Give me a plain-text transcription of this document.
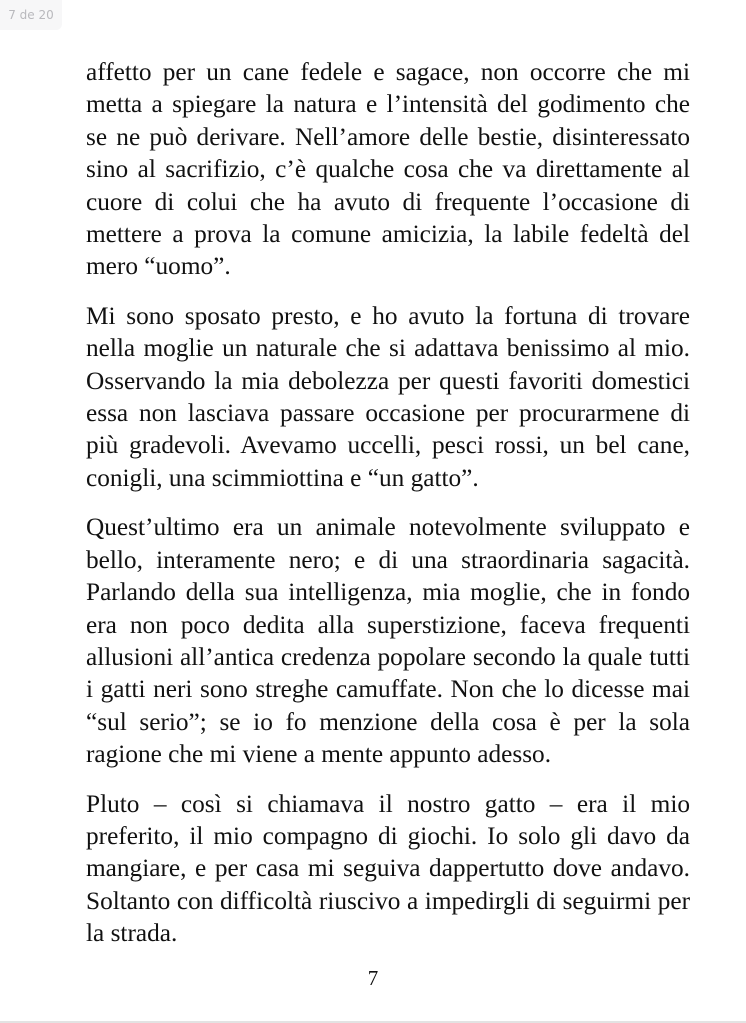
7 de 20

affetto per un cane fedele e sagace, non occorre che mi metta a spiegare la natura e l’intensità del godimento che se ne può derivare. Nell’amore delle bestie, disinteressato sino al sacrifizio, c’è qualche cosa che va direttamente al cuore di colui che ha avuto di frequente l’occasione di mettere a prova la comune amicizia, la labile fedeltà del mero “uomo”.

Mi sono sposato presto, e ho avuto la fortuna di trovare nella moglie un naturale che si adattava benissimo al mio. Osservando la mia debolezza per questi favoriti domestici essa non lasciava passare occasione per procurarmene di più gradevoli. Avevamo uccelli, pesci rossi, un bel cane, conigli, una scimmiottina e “un gatto”.

Quest’ultimo era un animale notevolmente sviluppato e bello, interamente nero; e di una straordinaria sagacità. Parlando della sua intelligenza, mia moglie, che in fondo era non poco dedita alla superstizione, faceva frequenti allusioni all’antica credenza popolare secondo la quale tutti i gatti neri sono streghe camuffate. Non che lo dicesse mai “sul serio”; se io fo menzione della cosa è per la sola ragione che mi viene a mente appunto adesso.

Pluto – così si chiamava il nostro gatto – era il mio preferito, il mio compagno di giochi. Io solo gli davo da mangiare, e per casa mi seguiva dappertutto dove andavo. Soltanto con difficoltà riuscivo a impedirgli di seguirmi per la strada.

7
